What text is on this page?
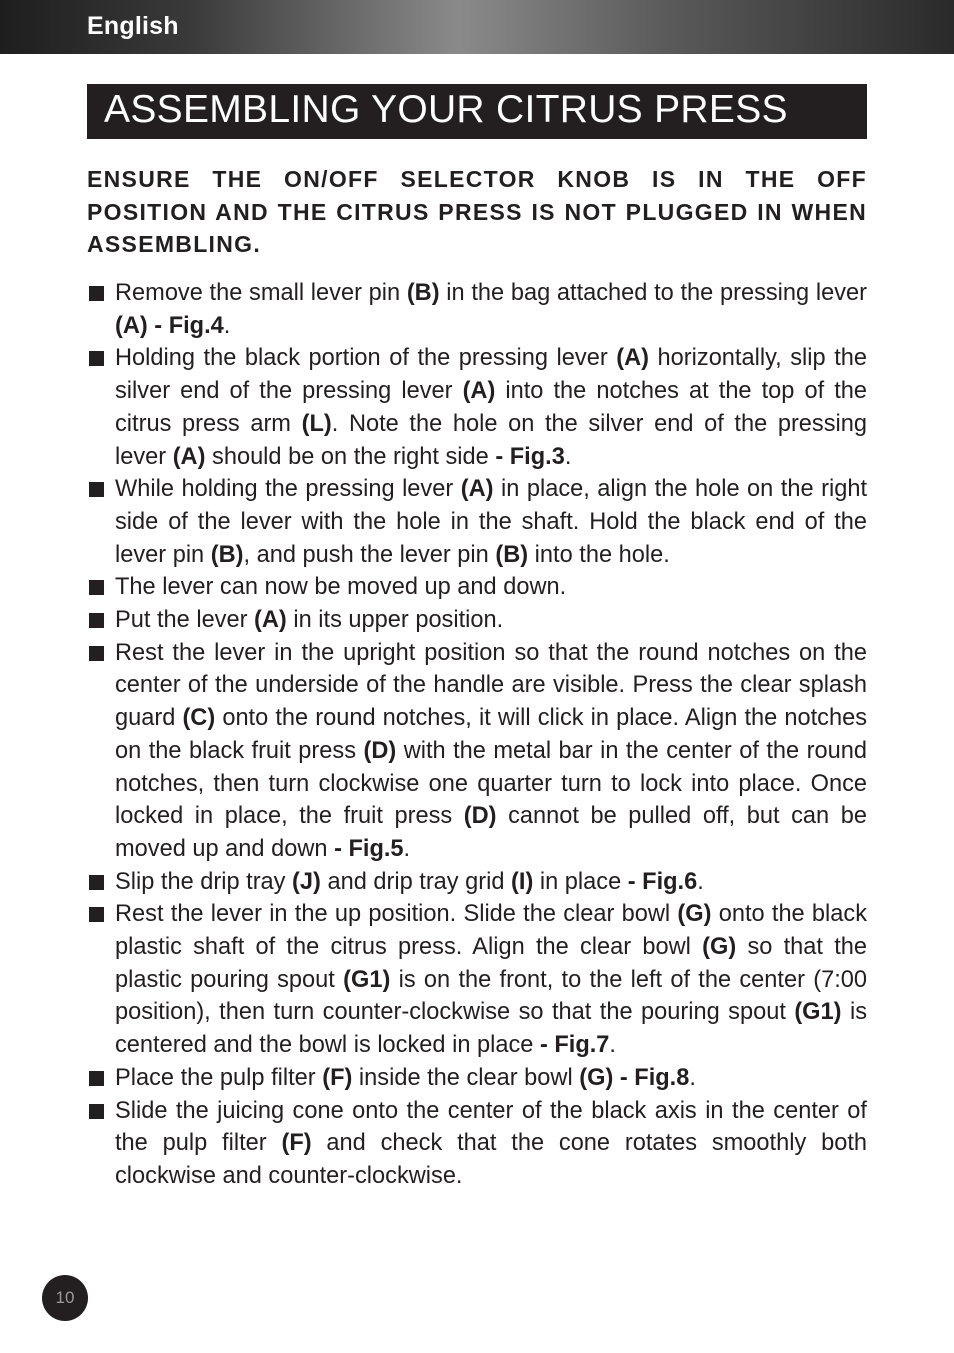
English
ASSEMBLING YOUR CITRUS PRESS
ENSURE THE ON/OFF SELECTOR KNOB IS IN THE OFF POSITION AND THE CITRUS PRESS IS NOT PLUGGED IN WHEN ASSEMBLING.
Remove the small lever pin (B) in the bag attached to the pressing lever (A) - Fig.4.
Holding the black portion of the pressing lever (A) horizontally, slip the silver end of the pressing lever (A) into the notches at the top of the citrus press arm (L). Note the hole on the silver end of the pressing lever (A) should be on the right side - Fig.3.
While holding the pressing lever (A) in place, align the hole on the right side of the lever with the hole in the shaft. Hold the black end of the lever pin (B), and push the lever pin (B) into the hole.
The lever can now be moved up and down.
Put the lever (A) in its upper position.
Rest the lever in the upright position so that the round notches on the center of the underside of the handle are visible. Press the clear splash guard (C) onto the round notches, it will click in place. Align the notches on the black fruit press (D) with the metal bar in the center of the round notches, then turn clockwise one quarter turn to lock into place. Once locked in place, the fruit press (D) cannot be pulled off, but can be moved up and down - Fig.5.
Slip the drip tray (J) and drip tray grid (I) in place - Fig.6.
Rest the lever in the up position. Slide the clear bowl (G) onto the black plastic shaft of the citrus press. Align the clear bowl (G) so that the plastic pouring spout (G1) is on the front, to the left of the center (7:00 position), then turn counter-clockwise so that the pouring spout (G1) is centered and the bowl is locked in place - Fig.7.
Place the pulp filter (F) inside the clear bowl (G) - Fig.8.
Slide the juicing cone onto the center of the black axis in the center of the pulp filter (F) and check that the cone rotates smoothly both clockwise and counter-clockwise.
10
